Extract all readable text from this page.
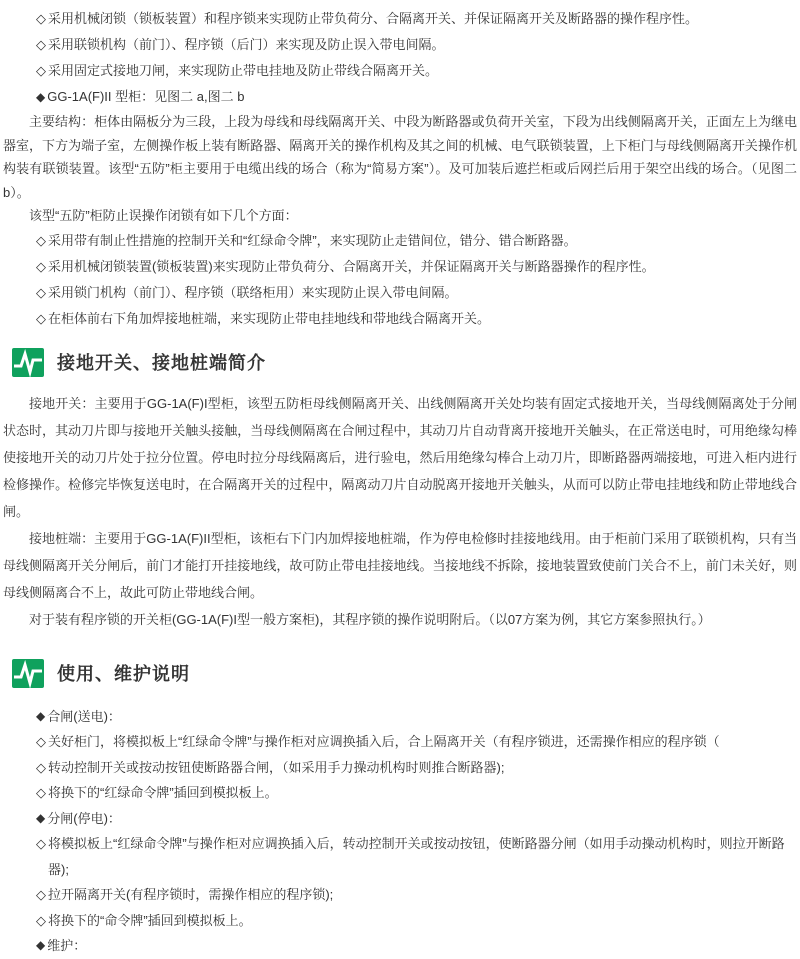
◇ 采用机械闭锁（锁板装置）和程序锁来实现防止带负荷分、合隔离开关、并保证隔离开关及断路器的操作程序性。
◇ 采用联锁机构（前门）、程序锁（后门）来实现及防止误入带电间隔。
◇ 采用固定式接地刀闸，来实现防止带电挂地及防止带线合隔离开关。
◆ GG-1A(F)II 型柜：见图二 a,图二 b

主要结构：柜体由隔板分为三段，上段为母线和母线隔离开关、中段为断路器或负荷开关室，下段为出线侧隔离开关，正面左上为继电器室，下方为端子室，左侧操作板上装有断路器、隔离开关的操作机构及其之间的机械、电气联锁装置，上下柜门与母线侧隔离开关操作机构装有联锁装置。该型“五防”柜主要用于电缆出线的场合（称为“简易方案”）。及可加装后遮拦柜或后网拦后用于架空出线的场合。（见图二 b）。

该型“五防”柜防止误操作闭锁有如下几个方面：

◇ 采用带有制止性措施的控制开关和“红绿命令牌”，来实现防止走错间位，错分、错合断路器。
◇ 采用机械闭锁装置(锁板装置)来实现防止带负荷分、合隔离开关，并保证隔离开关与断路器操作的程序性。
◇ 采用锁门机构（前门）、程序锁（联络柜用）来实现防止误入带电间隔。
◇ 在柜体前右下角加焊接地桩端，来实现防止带电挂地线和带地线合隔离开关。
接地开关、接地桩端简介

接地开关：主要用于GG-1A(F)I型柜，该型五防柜母线侧隔离开关、出线侧隔离开关处均装有固定式接地开关，当母线侧隔离处于分闸状态时，其动刀片即与接地开关触头接触，当母线侧隔离在合闸过程中，其动刀片自动背离开接地开关触头，在正常送电时，可用绝缘勾棒使接地开关的动刀片处于拉分位置。停电时拉分母线隔离后，进行验电，然后用绝缘勾棒合上动刀片，即断路器两端接地，可进入柜内进行检修操作。检修完毕恢复送电时，在合隔离开关的过程中，隔离动刀片自动脱离开接地开关触头，从而可以防止带电挂地线和防止带地线合闸。

接地桩端：主要用于GG-1A(F)II型柜，该柜右下门内加焊接地桩端，作为停电检修时挂接地线用。由于柜前门采用了联锁机构，只有当母线侧隔离开关分闸后，前门才能打开挂接地线，故可防止带电挂接地线。当接地线不拆除，接地装置致使前门关合不上，前门未关好，则母线侧隔离合不上，故此可防止带地线合闸。

对于装有程序锁的开关柜(GG-1A(F)I型一般方案柜)，其程序锁的操作说明附后。（以07方案为例，其它方案参照执行。）

使用、维护说明
◆ 合闸(送电)：
◇ 关好柜门，将模拟板上“红绿命令牌”与操作柜对应调换插入后，合上隔离开关（有程序锁进，还需操作相应的程序锁（
◇ 转动控制开关或按动按钮使断路器合闸，（如采用手力操动机构时则推合断路器);
◇ 将换下的“红绿命令牌”插回到模拟板上。
◆ 分闸(停电)：
◇ 将模拟板上“红绿命令牌”与操作柜对应调换插入后，转动控制开关或按动按钮，使断路器分闸（如用手动操动机构时，则拉开断路器);
◇ 拉开隔离开关(有程序锁时，需操作相应的程序锁);
◇ 将换下的“命令牌”插回到模拟板上。
◆ 维护：
